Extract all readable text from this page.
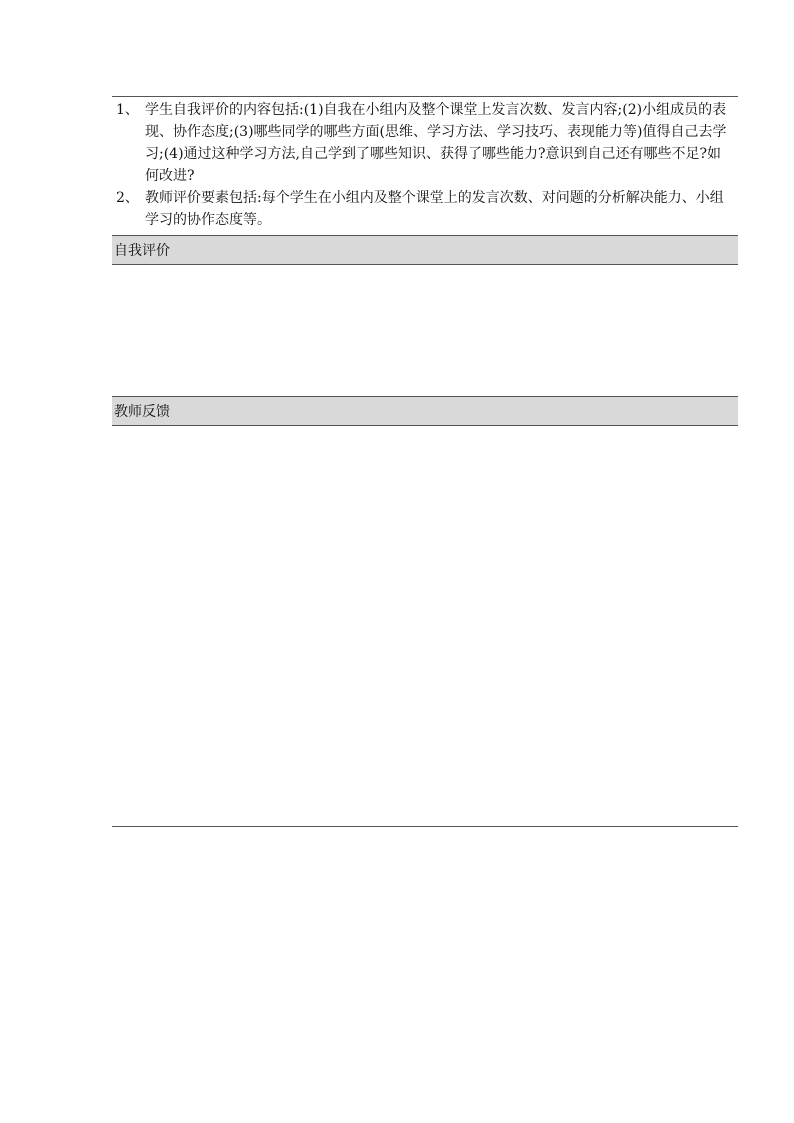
1、 学生自我评价的内容包括:(1)自我在小组内及整个课堂上发言次数、发言内容;(2)小组成员的表现、协作态度;(3)哪些同学的哪些方面(思维、学习方法、学习技巧、表现能力等)值得自己去学习;(4)通过这种学习方法,自己学到了哪些知识、获得了哪些能力?意识到自己还有哪些不足?如何改进?

2、 教师评价要素包括:每个学生在小组内及整个课堂上的发言次数、对问题的分析解决能力、小组学习的协作态度等。

自我评价
教师反馈
